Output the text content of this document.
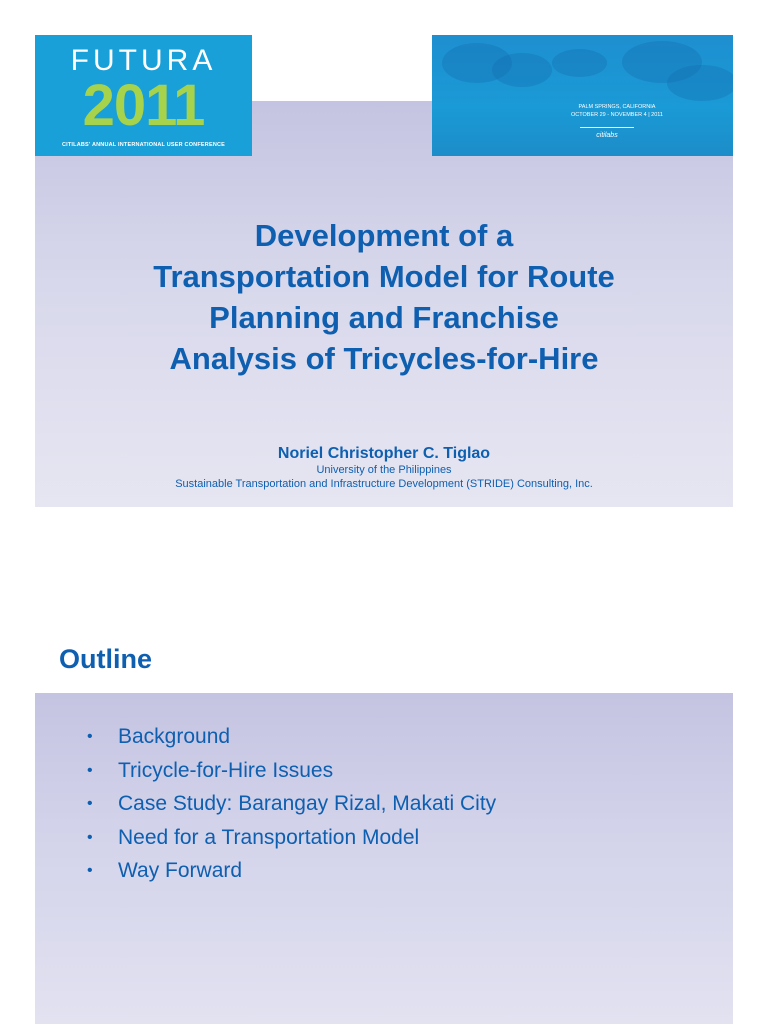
FUTURA
2011
CITILABS' ANNUAL INTERNATIONAL USER CONFERENCE
PALM SPRINGS, CALIFORNIA
OCTOBER 29 - NOVEMBER 4 | 2011
citilabs
Development of a
Transportation Model for Route
Planning and Franchise
Analysis of Tricycles-for-Hire
Noriel Christopher C. Tiglao
University of the Philippines
Sustainable Transportation and Infrastructure Development (STRIDE) Consulting, Inc.
Outline
• Background
• Tricycle-for-Hire Issues
• Case Study: Barangay Rizal, Makati City
• Need for a Transportation Model
• Way Forward
